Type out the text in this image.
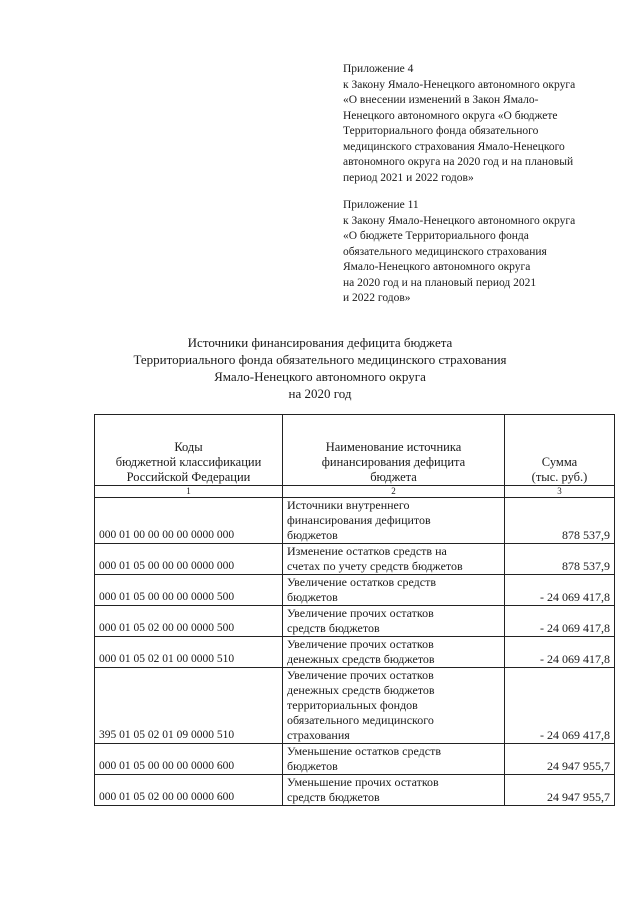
Приложение 4
к Закону Ямало-Ненецкого автономного округа
«О внесении изменений в Закон Ямало-
Ненецкого автономного округа «О бюджете
Территориального фонда обязательного
медицинского страхования Ямало-Ненецкого
автономного округа на 2020 год и на плановый
период 2021 и 2022 годов»
Приложение 11
к Закону Ямало-Ненецкого автономного округа
«О бюджете Территориального фонда
обязательного медицинского страхования
Ямало-Ненецкого автономного округа
на 2020 год и на плановый период 2021
и 2022 годов»
Источники финансирования дефицита бюджета
Территориального фонда обязательного медицинского страхования
Ямало-Ненецкого автономного округа
на 2020 год
Коды
бюджетной классификации
Российской Федерации	Наименование источника
финансирования дефицита
бюджета	Сумма
(тыс. руб.)

1	2	3
000 01 00 00 00 00 0000 000	Источники внутреннего
финансирования дефицитов
бюджетов	878 537,9
000 01 05 00 00 00 0000 000	Изменение остатков средств на
счетах по учету средств бюджетов	878 537,9
000 01 05 00 00 00 0000 500	Увеличение остатков средств
бюджетов	- 24 069 417,8
000 01 05 02 00 00 0000 500	Увеличение прочих остатков
средств бюджетов	- 24 069 417,8
000 01 05 02 01 00 0000 510	Увеличение прочих остатков
денежных средств бюджетов	- 24 069 417,8
395 01 05 02 01 09 0000 510	Увеличение прочих остатков
денежных средств бюджетов
территориальных фондов
обязательного медицинского
страхования	- 24 069 417,8
000 01 05 00 00 00 0000 600	Уменьшение остатков средств
бюджетов	24 947 955,7
000 01 05 02 00 00 0000 600	Уменьшение прочих остатков
средств бюджетов	24 947 955,7
